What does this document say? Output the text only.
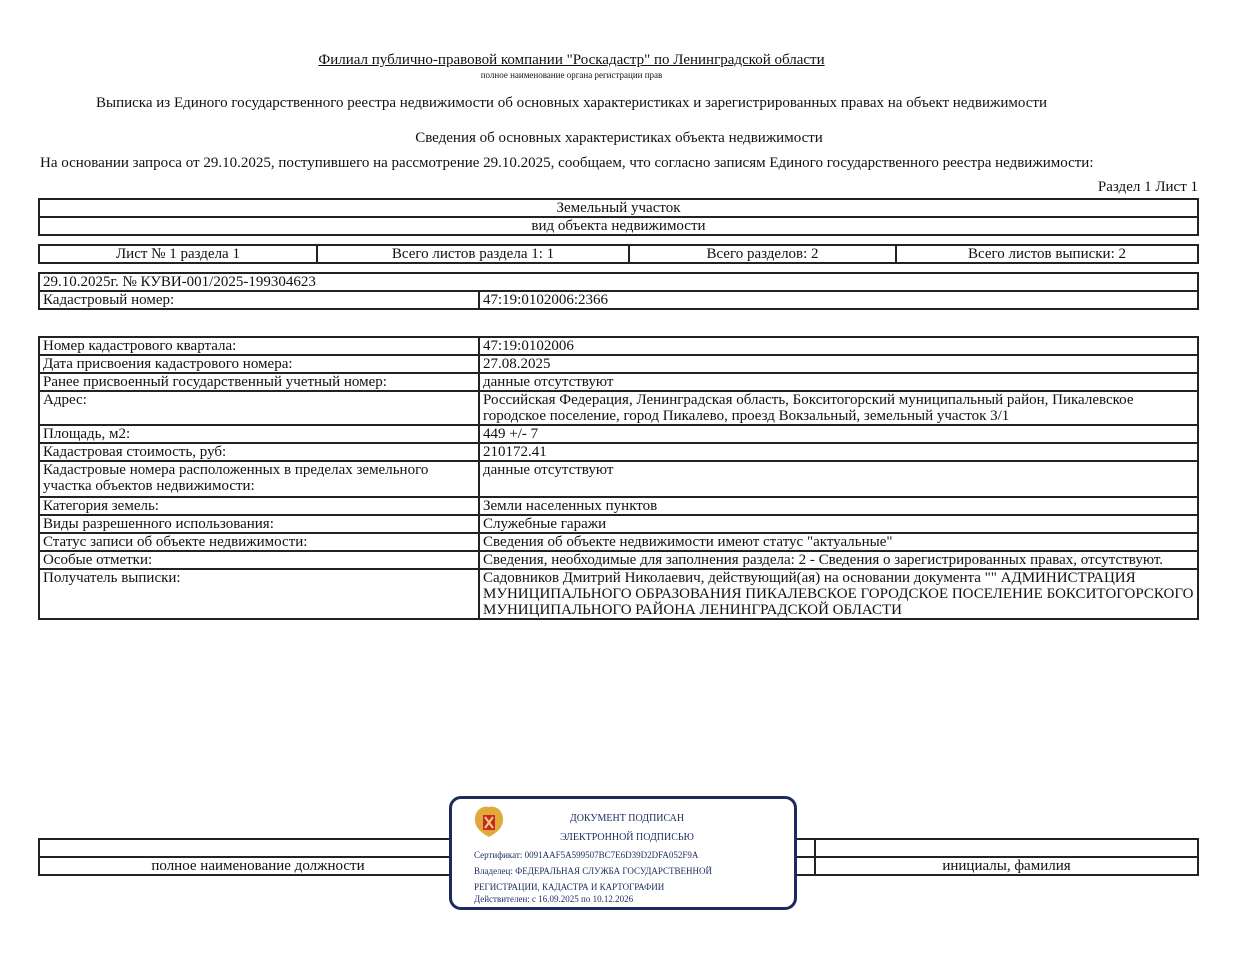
Филиал публично-правовой компании "Роскадастр" по Ленинградской области
полное наименование органа регистрации прав
Выписка из Единого государственного реестра недвижимости об основных характеристиках и зарегистрированных правах на объект недвижимости
Сведения об основных характеристиках объекта недвижимости
На основании запроса от 29.10.2025, поступившего на рассмотрение 29.10.2025, сообщаем, что согласно записям Единого государственного реестра недвижимости:
Раздел 1 Лист 1
Земельный участок
вид объекта недвижимости
Лист № 1 раздела 1	Всего листов раздела 1: 1	Всего разделов: 2	Всего листов выписки: 2
29.10.2025г. № КУВИ-001/2025-199304623
Кадастровый номер:	47:19:0102006:2366
Номер кадастрового квартала:	47:19:0102006
Дата присвоения кадастрового номера:	27.08.2025
Ранее присвоенный государственный учетный номер:	данные отсутствуют
Адрес:	Российская Федерация, Ленинградская область, Бокситогорский муниципальный район, Пикалевское городское поселение, город Пикалево, проезд Вокзальный, земельный участок 3/1
Площадь, м2:	449 +/- 7
Кадастровая стоимость, руб:	210172.41
Кадастровые номера расположенных в пределах земельного участка объектов недвижимости:	данные отсутствуют
Категория земель:	Земли населенных пунктов
Виды разрешенного использования:	Служебные гаражи
Статус записи об объекте недвижимости:	Сведения об объекте недвижимости имеют статус "актуальные"
Особые отметки:	Сведения, необходимые для заполнения раздела: 2 - Сведения о зарегистрированных правах, отсутствуют.
Получатель выписки:	Садовников Дмитрий Николаевич, действующий(ая) на основании документа "" АДМИНИСТРАЦИЯ МУНИЦИПАЛЬНОГО ОБРАЗОВАНИЯ ПИКАЛЕВСКОЕ ГОРОДСКОЕ ПОСЕЛЕНИЕ БОКСИТОГОРСКОГО МУНИЦИПАЛЬНОГО РАЙОНА ЛЕНИНГРАДСКОЙ ОБЛАСТИ

полное наименование должности		инициалы, фамилия
ДОКУМЕНТ ПОДПИСАН
ЭЛЕКТРОННОЙ ПОДПИСЬЮ
Сертификат: 0091AAF5A599507BC7E6D39D2DFA052F9A
Владелец: ФЕДЕРАЛЬНАЯ СЛУЖБА ГОСУДАРСТВЕННОЙ
РЕГИСТРАЦИИ, КАДАСТРА И КАРТОГРАФИИ
Действителен: с 16.09.2025 по 10.12.2026
